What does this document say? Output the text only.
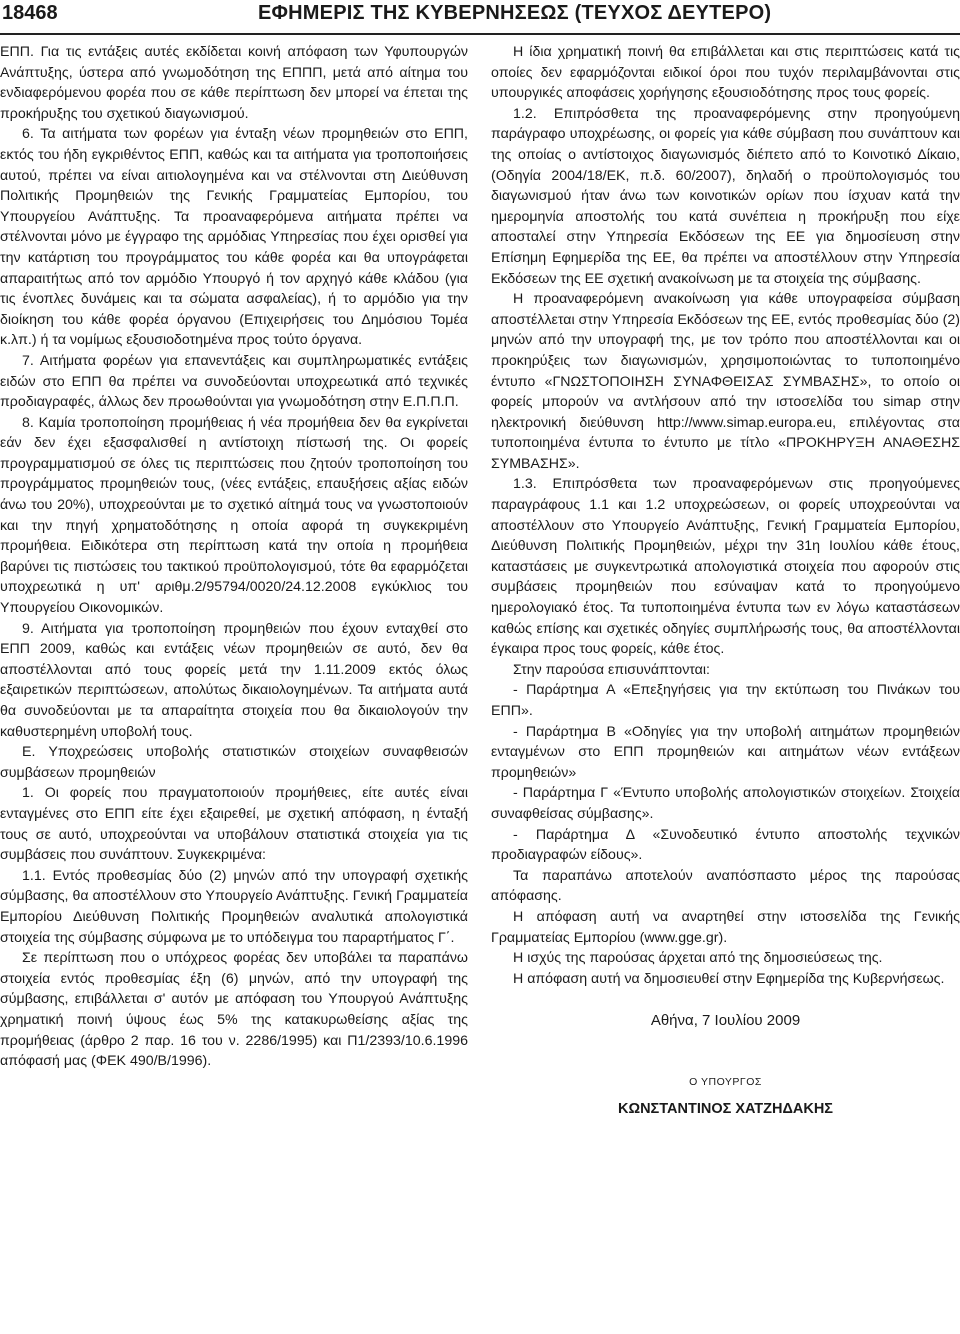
18468	ΕΦΗΜΕΡΙΣ ΤΗΣ ΚΥΒΕΡΝΗΣΕΩΣ (ΤΕΥΧΟΣ ΔΕΥΤΕΡΟ)

ΕΠΠ. Για τις εντάξεις αυτές εκδίδεται κοινή απόφαση των Υφυπουργών Ανάπτυξης, ύστερα από γνωμοδότηση της ΕΠΠΠ, μετά από αίτημα του ενδιαφερόμενου φορέα που σε κάθε περίπτωση δεν μπορεί να έπεται της προκήρυξης του σχετικού διαγωνισμού.

6. Τα αιτήματα των φορέων για ένταξη νέων προμηθειών στο ΕΠΠ, εκτός του ήδη εγκριθέντος ΕΠΠ, καθώς και τα αιτήματα για τροποποιήσεις αυτού, πρέπει να είναι αιτιολογημένα και να στέλνονται στη Διεύθυνση Πολιτικής Προμηθειών της Γενικής Γραμματείας Εμπορίου, του Υπουργείου Ανάπτυξης. Τα προαναφερόμενα αιτήματα πρέπει να στέλνονται μόνο με έγγραφο της αρμόδιας Υπηρεσίας που έχει ορισθεί για την κατάρτιση του προγράμματος του κάθε φορέα και θα υπογράφεται απαραιτήτως από τον αρμόδιο Υπουργό ή τον αρχηγό κάθε κλάδου (για τις ένοπλες δυνάμεις και τα σώματα ασφαλείας), ή το αρμόδιο για την διοίκηση του κάθε φορέα όργανου (Επιχειρήσεις του Δημόσιου Τομέα κ.λπ.) ή τα νομίμως εξουσιοδοτημένα προς τούτο όργανα.

7. Αιτήματα φορέων για επανεντάξεις και συμπληρωματικές εντάξεις ειδών στο ΕΠΠ θα πρέπει να συνοδεύονται υποχρεωτικά από τεχνικές προδιαγραφές, άλλως δεν προωθούνται για γνωμοδότηση στην Ε.Π.Π.Π.

8. Καμία τροποποίηση προμήθειας ή νέα προμήθεια δεν θα εγκρίνεται εάν δεν έχει εξασφαλισθεί η αντίστοιχη πίστωσή της. Οι φορείς προγραμματισμού σε όλες τις περιπτώσεις που ζητούν τροποποίηση του προγράμματος προμηθειών τους, (νέες εντάξεις, επαυξήσεις αξίας ειδών άνω του 20%), υποχρεούνται με το σχετικό αίτημά τους να γνωστοποιούν και την πηγή χρηματοδότησης η οποία αφορά τη συγκεκριμένη προμήθεια. Ειδικότερα στη περίπτωση κατά την οποία η προμήθεια βαρύνει τις πιστώσεις του τακτικού προϋπολογισμού, τότε θα εφαρμόζεται υποχρεωτικά η υπ' αριθμ.2/95794/0020/24.12.2008 εγκύκλιος του Υπουργείου Οικονομικών.

9. Αιτήματα για τροποποίηση προμηθειών που έχουν ενταχθεί στο ΕΠΠ 2009, καθώς και εντάξεις νέων προμηθειών σε αυτό, δεν θα αποστέλλονται από τους φορείς μετά την 1.11.2009 εκτός όλως εξαιρετικών περιπτώσεων, απολύτως δικαιολογημένων. Τα αιτήματα αυτά θα συνοδεύονται με τα απαραίτητα στοιχεία που θα δικαιολογούν την καθυστερημένη υποβολή τους.

Ε. Υποχρεώσεις υποβολής στατιστικών στοιχείων συναφθεισών συμβάσεων προμηθειών

1. Οι φορείς που πραγματοποιούν προμήθειες, είτε αυτές είναι ενταγμένες στο ΕΠΠ είτε έχει εξαιρεθεί, με σχετική απόφαση, η ένταξή τους σε αυτό, υποχρεούνται να υποβάλουν στατιστικά στοιχεία για τις συμβάσεις που συνάπτουν. Συγκεκριμένα:

1.1. Εντός προθεσμίας δύο (2) μηνών από την υπογραφή σχετικής σύμβασης, θα αποστέλλουν στο Υπουργείο Ανάπτυξης. Γενική Γραμματεία Εμπορίου Διεύθυνση Πολιτικής Προμηθειών αναλυτικά απολογιστικά στοιχεία της σύμβασης σύμφωνα με το υπόδειγμα του παραρτήματος Γ΄.

Σε περίπτωση που ο υπόχρεος φορέας δεν υποβάλει τα παραπάνω στοιχεία εντός προθεσμίας έξη (6) μηνών, από την υπογραφή της σύμβασης, επιβάλλεται σ' αυτόν με απόφαση του Υπουργού Ανάπτυξης χρηματική ποινή ύψους έως 5% της κατακυρωθείσης αξίας της προμήθειας (άρθρο 2 παρ. 16 του ν. 2286/1995) και Π1/2393/10.6.1996 απόφασή μας (ΦΕΚ 490/Β/1996).

Η ίδια χρηματική ποινή θα επιβάλλεται και στις περιπτώσεις κατά τις οποίες δεν εφαρμόζονται ειδικοί όροι που τυχόν περιλαμβάνονται στις υπουργικές αποφάσεις χορήγησης εξουσιοδότησης προς τους φορείς.

1.2. Επιπρόσθετα της προαναφερόμενης στην προηγούμενη παράγραφο υποχρέωσης, οι φορείς για κάθε σύμβαση που συνάπτουν και της οποίας ο αντίστοιχος διαγωνισμός διέπετο από το Κοινοτικό Δίκαιο, (Οδηγία 2004/18/ΕΚ, π.δ. 60/2007), δηλαδή ο προϋπολογισμός του διαγωνισμού ήταν άνω των κοινοτικών ορίων που ίσχυαν κατά την ημερομηνία αποστολής του κατά συνέπεια η προκήρυξη που είχε αποσταλεί στην Υπηρεσία Εκδόσεων της ΕΕ για δημοσίευση στην Επίσημη Εφημερίδα της ΕΕ, θα πρέπει να αποστέλλουν στην Υπηρεσία Εκδόσεων της ΕΕ σχετική ανακοίνωση με τα στοιχεία της σύμβασης.

Η προαναφερόμενη ανακοίνωση για κάθε υπογραφείσα σύμβαση αποστέλλεται στην Υπηρεσία Εκδόσεων της ΕΕ, εντός προθεσμίας δύο (2) μηνών από την υπογραφή της, με τον τρόπο που αποστέλλονται και οι προκηρύξεις των διαγωνισμών, χρησιμοποιώντας το τυποποιημένο έντυπο «ΓΝΩΣΤΟΠΟΙΗΣΗ ΣΥΝΑΦΘΕΙΣΑΣ ΣΥΜΒΑΣΗΣ», το οποίο οι φορείς μπορούν να αντλήσουν από την ιστοσελίδα του simap στην ηλεκτρονική διεύθυνση http://www.simap.europa.eu, επιλέγοντας στα τυποποιημένα έντυπα το έντυπο με τίτλο «ΠΡΟΚΗΡΥΞΗ ΑΝΑΘΕΣΗΣ ΣΥΜΒΑΣΗΣ».

1.3. Επιπρόσθετα των προαναφερόμενων στις προηγούμενες παραγράφους 1.1 και 1.2 υποχρεώσεων, οι φορείς υποχρεούνται να αποστέλλουν στο Υπουργείο Ανάπτυξης, Γενική Γραμματεία Εμπορίου, Διεύθυνση Πολιτικής Προμηθειών, μέχρι την 31η Ιουλίου κάθε έτους, καταστάσεις με συγκεντρωτικά απολογιστικά στοιχεία που αφορούν στις συμβάσεις προμηθειών που εσύναψαν κατά το προηγούμενο ημερολογιακό έτος. Τα τυποποιημένα έντυπα των εν λόγω καταστάσεων καθώς επίσης και σχετικές οδηγίες συμπλήρωσής τους, θα αποστέλλονται έγκαιρα προς τους φορείς, κάθε έτος.

Στην παρούσα επισυνάπτονται:

- Παράρτημα Α «Επεξηγήσεις για την εκτύπωση του Πινάκων του ΕΠΠ».

- Παράρτημα Β «Οδηγίες για την υποβολή αιτημάτων προμηθειών ενταγμένων στο ΕΠΠ προμηθειών και αιτημάτων νέων εντάξεων προμηθειών»

- Παράρτημα Γ «Έντυπο υποβολής απολογιστικών στοιχείων. Στοιχεία συναφθείσας σύμβασης».

- Παράρτημα Δ «Συνοδευτικό έντυπο αποστολής τεχνικών προδιαγραφών είδους».

Τα παραπάνω αποτελούν αναπόσπαστο μέρος της παρούσας απόφασης.

Η απόφαση αυτή να αναρτηθεί στην ιστοσελίδα της Γενικής Γραμματείας Εμπορίου (www.gge.gr).

Η ισχύς της παρούσας άρχεται από της δημοσιεύσεως της.

Η απόφαση αυτή να δημοσιευθεί στην Εφημερίδα της Κυβερνήσεως.

Αθήνα, 7 Ιουλίου 2009
Ο ΥΠΟΥΡΓΟΣ
ΚΩΝΣΤΑΝΤΙΝΟΣ ΧΑΤΖΗΔΑΚΗΣ
